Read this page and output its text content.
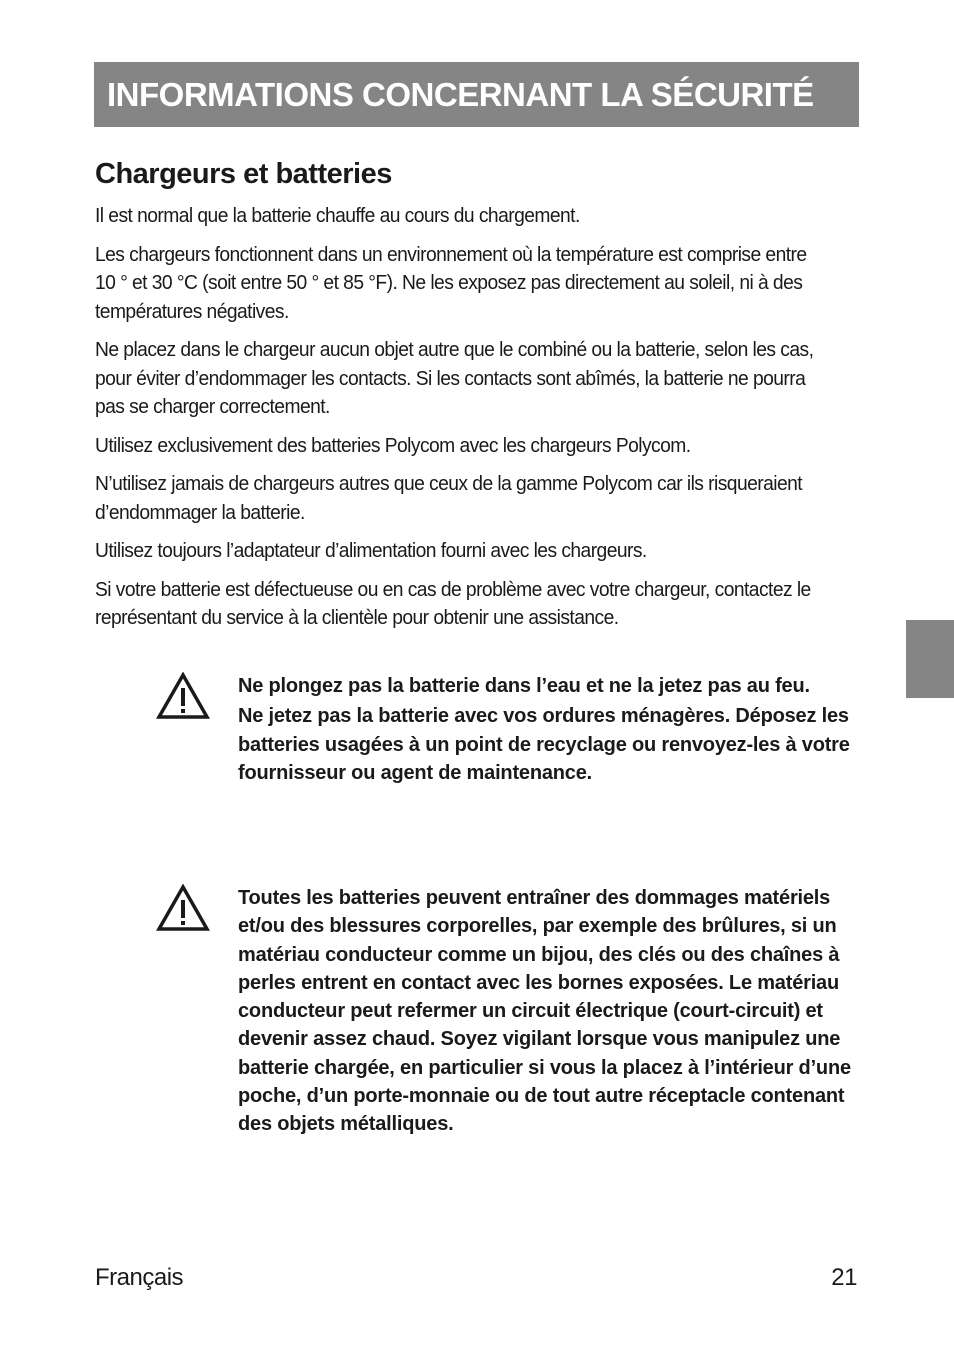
INFORMATIONS CONCERNANT LA SÉCURITÉ
Chargeurs et batteries

Il est normal que la batterie chauffe au cours du chargement.

Les chargeurs fonctionnent dans un environnement où la température est comprise entre 10 ° et 30 °C (soit entre 50 ° et 85 °F). Ne les exposez pas directement au soleil, ni à des températures négatives.

Ne placez dans le chargeur aucun objet autre que le combiné ou la batterie, selon les cas, pour éviter d’endommager les contacts. Si les contacts sont abîmés, la batterie ne pourra pas se charger correctement.

Utilisez exclusivement des batteries Polycom avec les chargeurs Polycom.

N’utilisez jamais de chargeurs autres que ceux de la gamme Polycom car ils risqueraient d’endommager la batterie.

Utilisez toujours l’adaptateur d’alimentation fourni avec les chargeurs.

Si votre batterie est défectueuse ou en cas de problème avec votre chargeur, contactez le représentant du service à la clientèle pour obtenir une assistance.

Ne plongez pas la batterie dans l’eau et ne la jetez pas au feu.

Ne jetez pas la batterie avec vos ordures ménagères. Déposez les batteries usagées à un point de recyclage ou renvoyez-les à votre fournisseur ou agent de maintenance.

Toutes les batteries peuvent entraîner des dommages matériels et/ou des blessures corporelles, par exemple des brûlures, si un matériau conducteur comme un bijou, des clés ou des chaînes à perles entrent en contact avec les bornes exposées. Le matériau conducteur peut refermer un circuit électrique (court-circuit) et devenir assez chaud. Soyez vigilant lorsque vous manipulez une batterie chargée, en particulier si vous la placez à l’intérieur d’une poche, d’un porte-monnaie ou de tout autre réceptacle contenant des objets métalliques.

Français	21
